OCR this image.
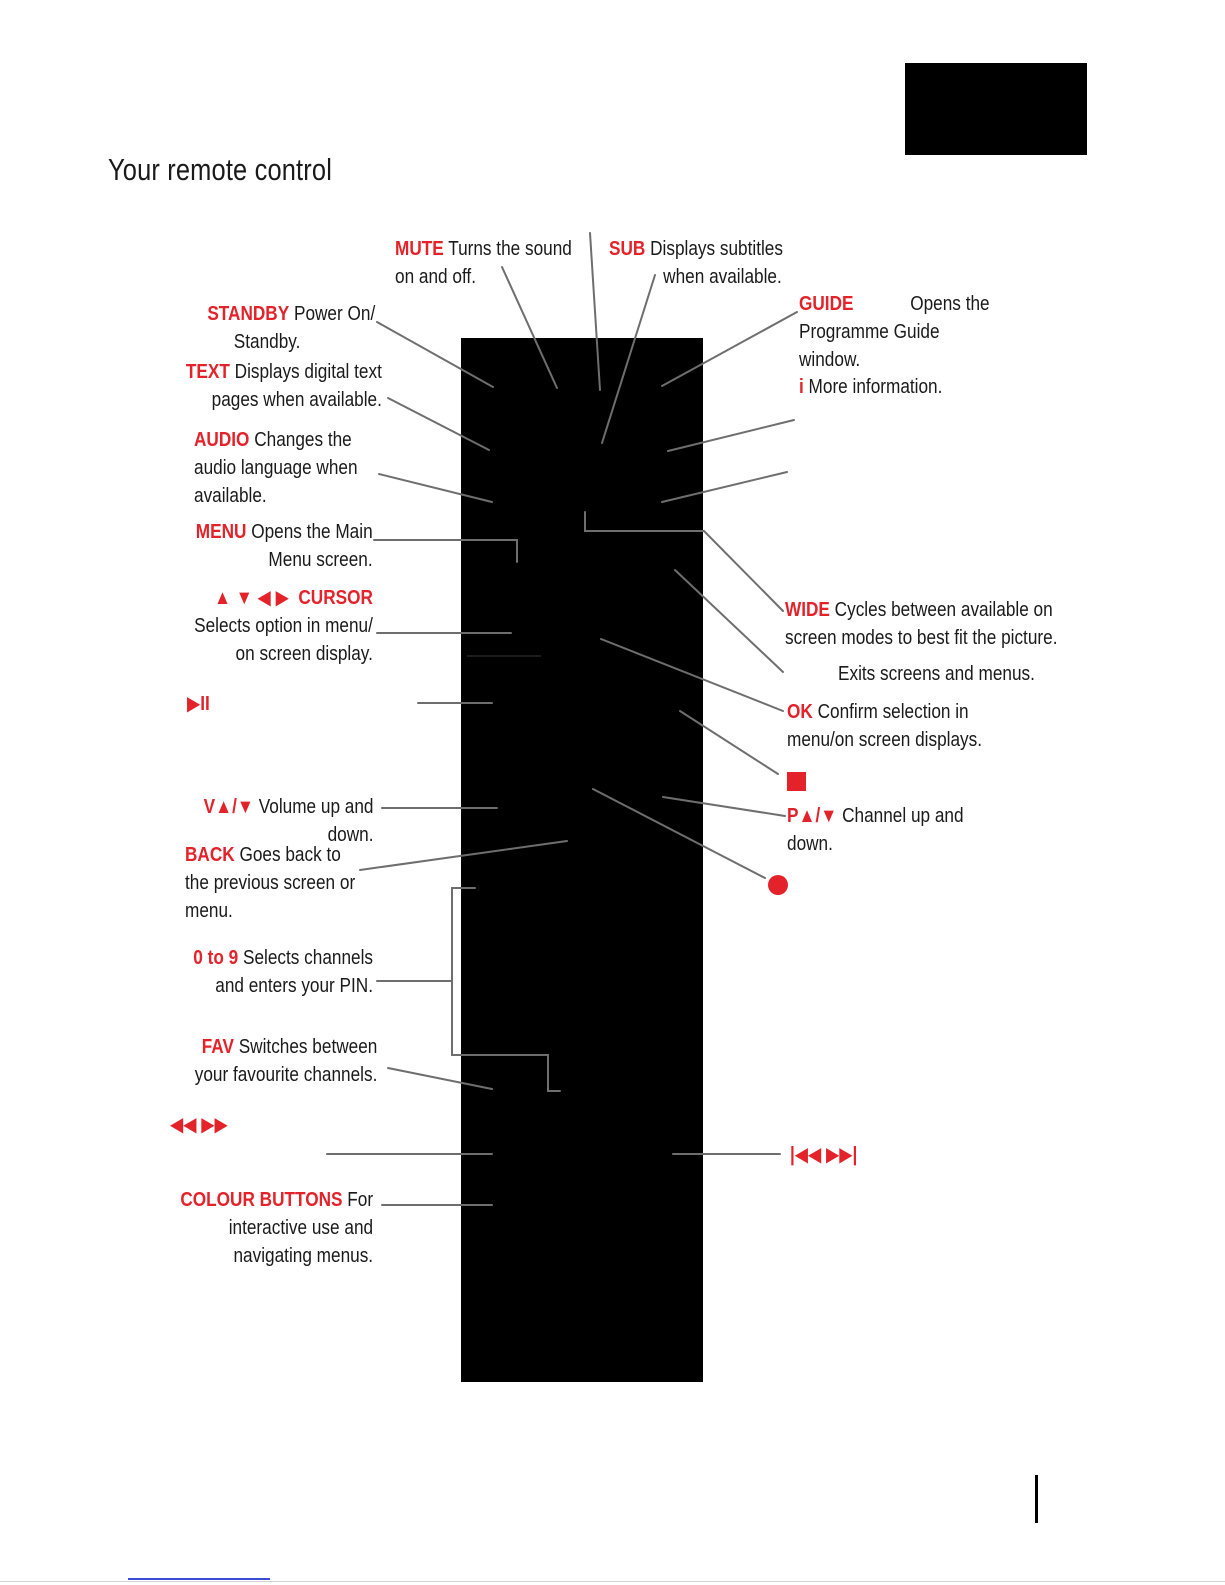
Your remote control
MUTE Turns the sound
on and off.
SUB Displays subtitles
when available.
GUIDE	Opens the
Programme Guide
window.
i More information.
WIDE Cycles between available on
screen modes to best fit the picture.
Exits screens and menus.
OK Confirm selection in
menu/on screen displays.
P▲/▼ Channel up and
down.
|◀◀ ▶▶|
STANDBY Power On/
Standby.
TEXT Displays digital text
pages when available.
AUDIO Changes the
audio language when
available.
MENU Opens the Main
Menu screen.
▲ ▼ ◀ ▶ CURSOR
Selects option in menu/
on screen display.
▶II
V▲/▼ Volume up and
down.
BACK Goes back to
the previous screen or
menu.
0 to 9 Selects channels
and enters your PIN.
FAV Switches between
your favourite channels.
◀◀ ▶▶
COLOUR BUTTONS For
interactive use and
navigating menus.
